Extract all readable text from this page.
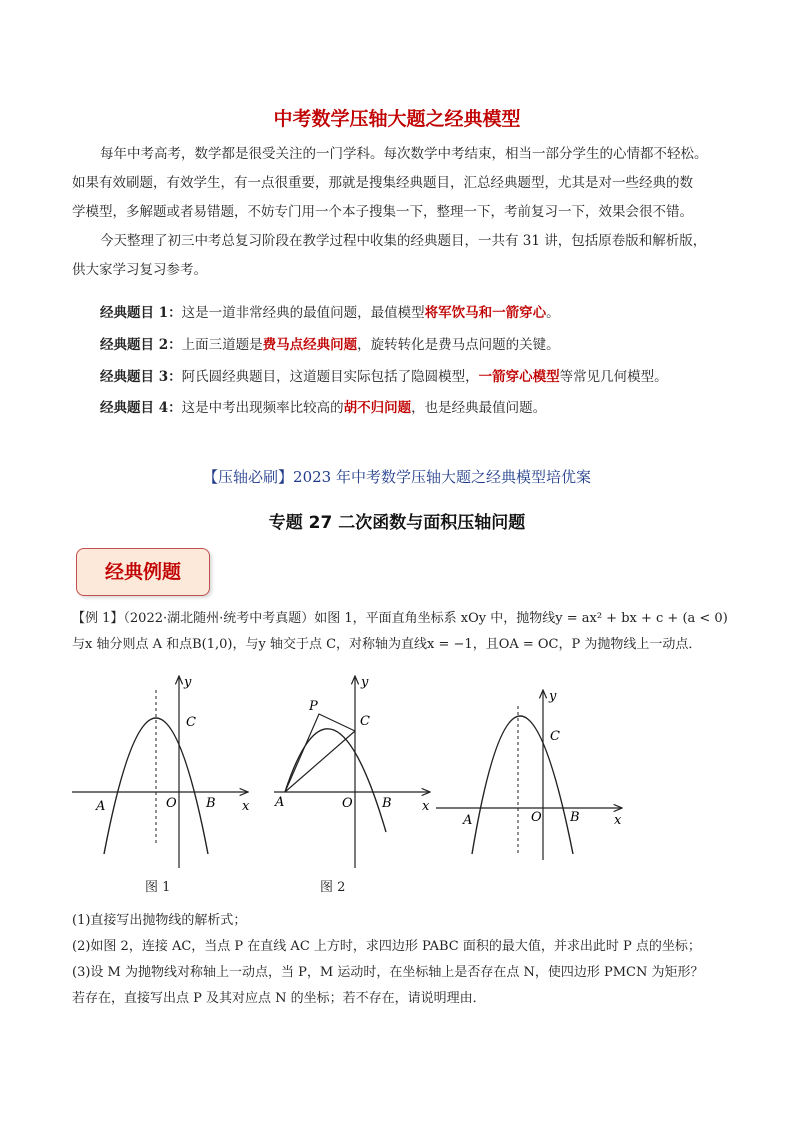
中考数学压轴大题之经典模型
每年中考高考，数学都是很受关注的一门学科。每次数学中考结束，相当一部分学生的心情都不轻松。
如果有效刷题，有效学生，有一点很重要，那就是搜集经典题目，汇总经典题型，尤其是对一些经典的数
学模型，多解题或者易错题，不妨专门用一个本子搜集一下，整理一下，考前复习一下，效果会很不错。
今天整理了初三中考总复习阶段在教学过程中收集的经典题目，一共有 31 讲，包括原卷版和解析版，
供大家学习复习参考。
经典题目 1：这是一道非常经典的最值问题，最值模型将军饮马和一箭穿心。
经典题目 2：上面三道题是费马点经典问题，旋转转化是费马点问题的关键。
经典题目 3：阿氏圆经典题目，这道题目实际包括了隐圆模型，一箭穿心模型等常见几何模型。
经典题目 4：这是中考出现频率比较高的胡不归问题，也是经典最值问题。
【压轴必刷】2023 年中考数学压轴大题之经典模型培优案
专题 27 二次函数与面积压轴问题
经典例题
【例 1】（2022·湖北随州·统考中考真题）如图 1，平面直角坐标系 xOy 中，抛物线y = ax² + bx + c + (a < 0)
与x 轴分则点 A 和点B(1,0)，与y 轴交于点 C，对称轴为直线x = −1，且OA = OC，P 为抛物线上一动点．
y
x
O
A	B
C
y
x
O
A	B
C
P
y
x
O
A	B
C
图 1	图 2
(1)直接写出抛物线的解析式；
(2)如图 2，连接 AC，当点 P 在直线 AC 上方时，求四边形 PABC 面积的最大值，并求出此时 P 点的坐标；
(3)设 M 为抛物线对称轴上一动点，当 P，M 运动时，在坐标轴上是否存在点 N，使四边形 PMCN 为矩形？
若存在，直接写出点 P 及其对应点 N 的坐标；若不存在，请说明理由．
